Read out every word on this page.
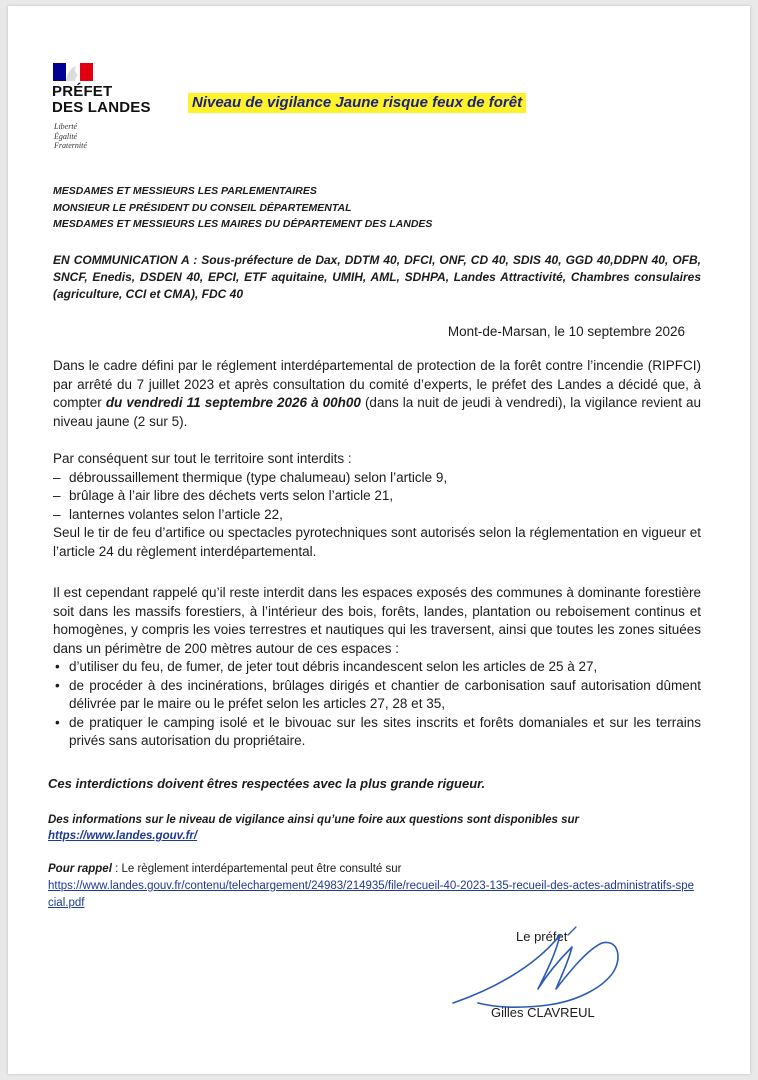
PRÉFET
DES LANDES
Liberté
Égalité
Fraternité
Niveau de vigilance Jaune risque feux de forêt
MESDAMES ET MESSIEURS LES PARLEMENTAIRES
MONSIEUR LE PRÉSIDENT DU CONSEIL DÉPARTEMENTAL
MESDAMES ET MESSIEURS LES MAIRES DU DÉPARTEMENT DES LANDES
EN COMMUNICATION A : Sous-préfecture de Dax, DDTM 40, DFCI, ONF, CD 40, SDIS 40, GGD 40,DDPN 40, OFB, SNCF, Enedis, DSDEN 40, EPCI, ETF aquitaine, UMIH, AML, SDHPA, Landes Attractivité, Chambres consulaires (agriculture, CCI et CMA), FDC 40
Mont-de-Marsan, le 10 septembre 2026
Dans le cadre défini par le réglement interdépartemental de protection de la forêt contre l’incendie (RIPFCI) par arrêté du 7 juillet 2023 et après consultation du comité d’experts, le préfet des Landes a décidé que, à compter du vendredi 11 septembre 2026 à 00h00 (dans la nuit de jeudi à vendredi), la vigilance revient au niveau jaune (2 sur 5).
Par conséquent sur tout le territoire sont interdits :
– débroussaillement thermique (type chalumeau) selon l’article 9,
– brûlage à l’air libre des déchets verts selon l’article 21,
– lanternes volantes selon l’article 22,
Seul le tir de feu d’artifice ou spectacles pyrotechniques sont autorisés selon la réglementation en vigueur et l’article 24 du règlement interdépartemental.
Il est cependant rappelé qu’il reste interdit dans les espaces exposés des communes à dominante forestière soit dans les massifs forestiers, à l’intérieur des bois, forêts, landes, plantation ou reboisement continus et homogènes, y compris les voies terrestres et nautiques qui les traversent, ainsi que toutes les zones situées dans un périmètre de 200 mètres autour de ces espaces :
• d’utiliser du feu, de fumer, de jeter tout débris incandescent selon les articles de 25 à 27,
• de procéder à des incinérations, brûlages dirigés et chantier de carbonisation sauf autorisation dûment délivrée par le maire ou le préfet selon les articles 27, 28 et 35,
• de pratiquer le camping isolé et le bivouac sur les sites inscrits et forêts domaniales et sur les terrains privés sans autorisation du propriétaire.
Ces interdictions doivent êtres respectées avec la plus grande rigueur.
Des informations sur le niveau de vigilance ainsi qu’une foire aux questions sont disponibles sur
https://www.landes.gouv.fr/
Pour rappel : Le règlement interdépartemental peut être consulté sur
https://www.landes.gouv.fr/contenu/telechargement/24983/214935/file/recueil-40-2023-135-recueil-des-actes-administratifs-special.pdf
Le préfet
Gilles CLAVREUL
